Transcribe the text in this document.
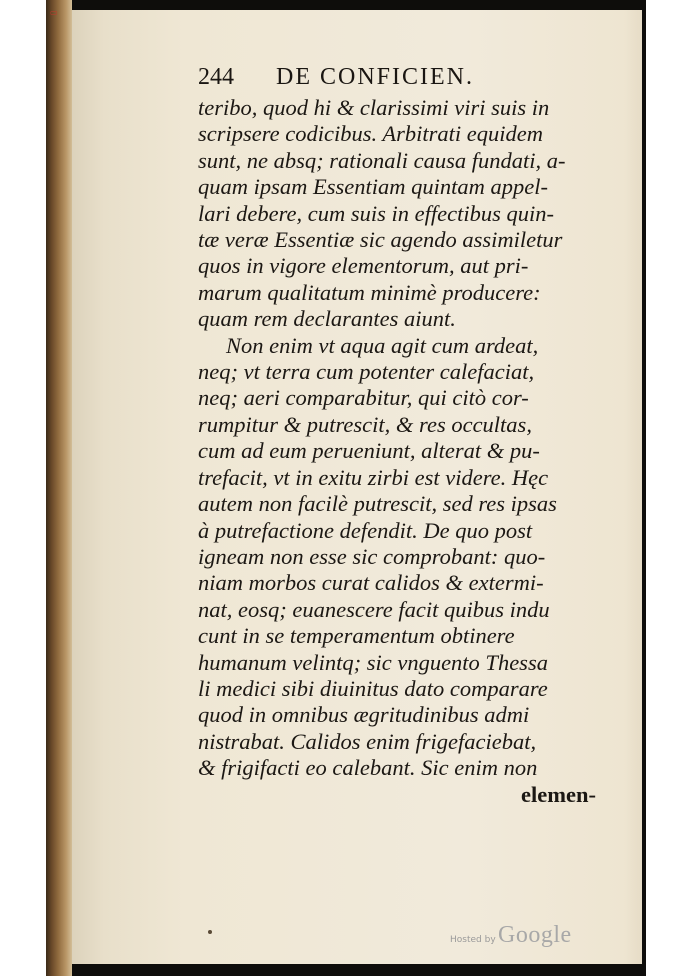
▭
244 DE CONFICIEN.
teribo, quod hi & clarissimi viri suis in
scripsere codicibus. Arbitrati equidem
sunt, ne absq; rationali causa fundati, a-
quam ipsam Essentiam quintam appel-
lari debere, cum suis in effectibus quin-
tæ veræ Essentiæ sic agendo assimiletur
quos in vigore elementorum, aut pri-
marum qualitatum minimè producere:
quam rem declarantes aiunt.
Non enim vt aqua agit cum ardeat,
neq; vt terra cum potenter calefaciat,
neq; aeri comparabitur, qui citò cor-
rumpitur & putrescit, & res occultas,
cum ad eum perueniunt, alterat & pu-
trefacit, vt in exitu zirbi est videre. Hęc
autem non facilè putrescit, sed res ipsas
à putrefactione defendit. De quo post
igneam non esse sic comprobant: quo-
niam morbos curat calidos & extermi-
nat, eosq; euanescere facit quibus indu
cunt in se temperamentum obtinere
humanum velintq; sic vnguento Thessa
li medici sibi diuinitus dato comparare
quod in omnibus ægritudinibus admi
nistrabat. Calidos enim frigefaciebat,
& frigifacti eo calebant. Sic enim non
elemen-
Hosted by Google
